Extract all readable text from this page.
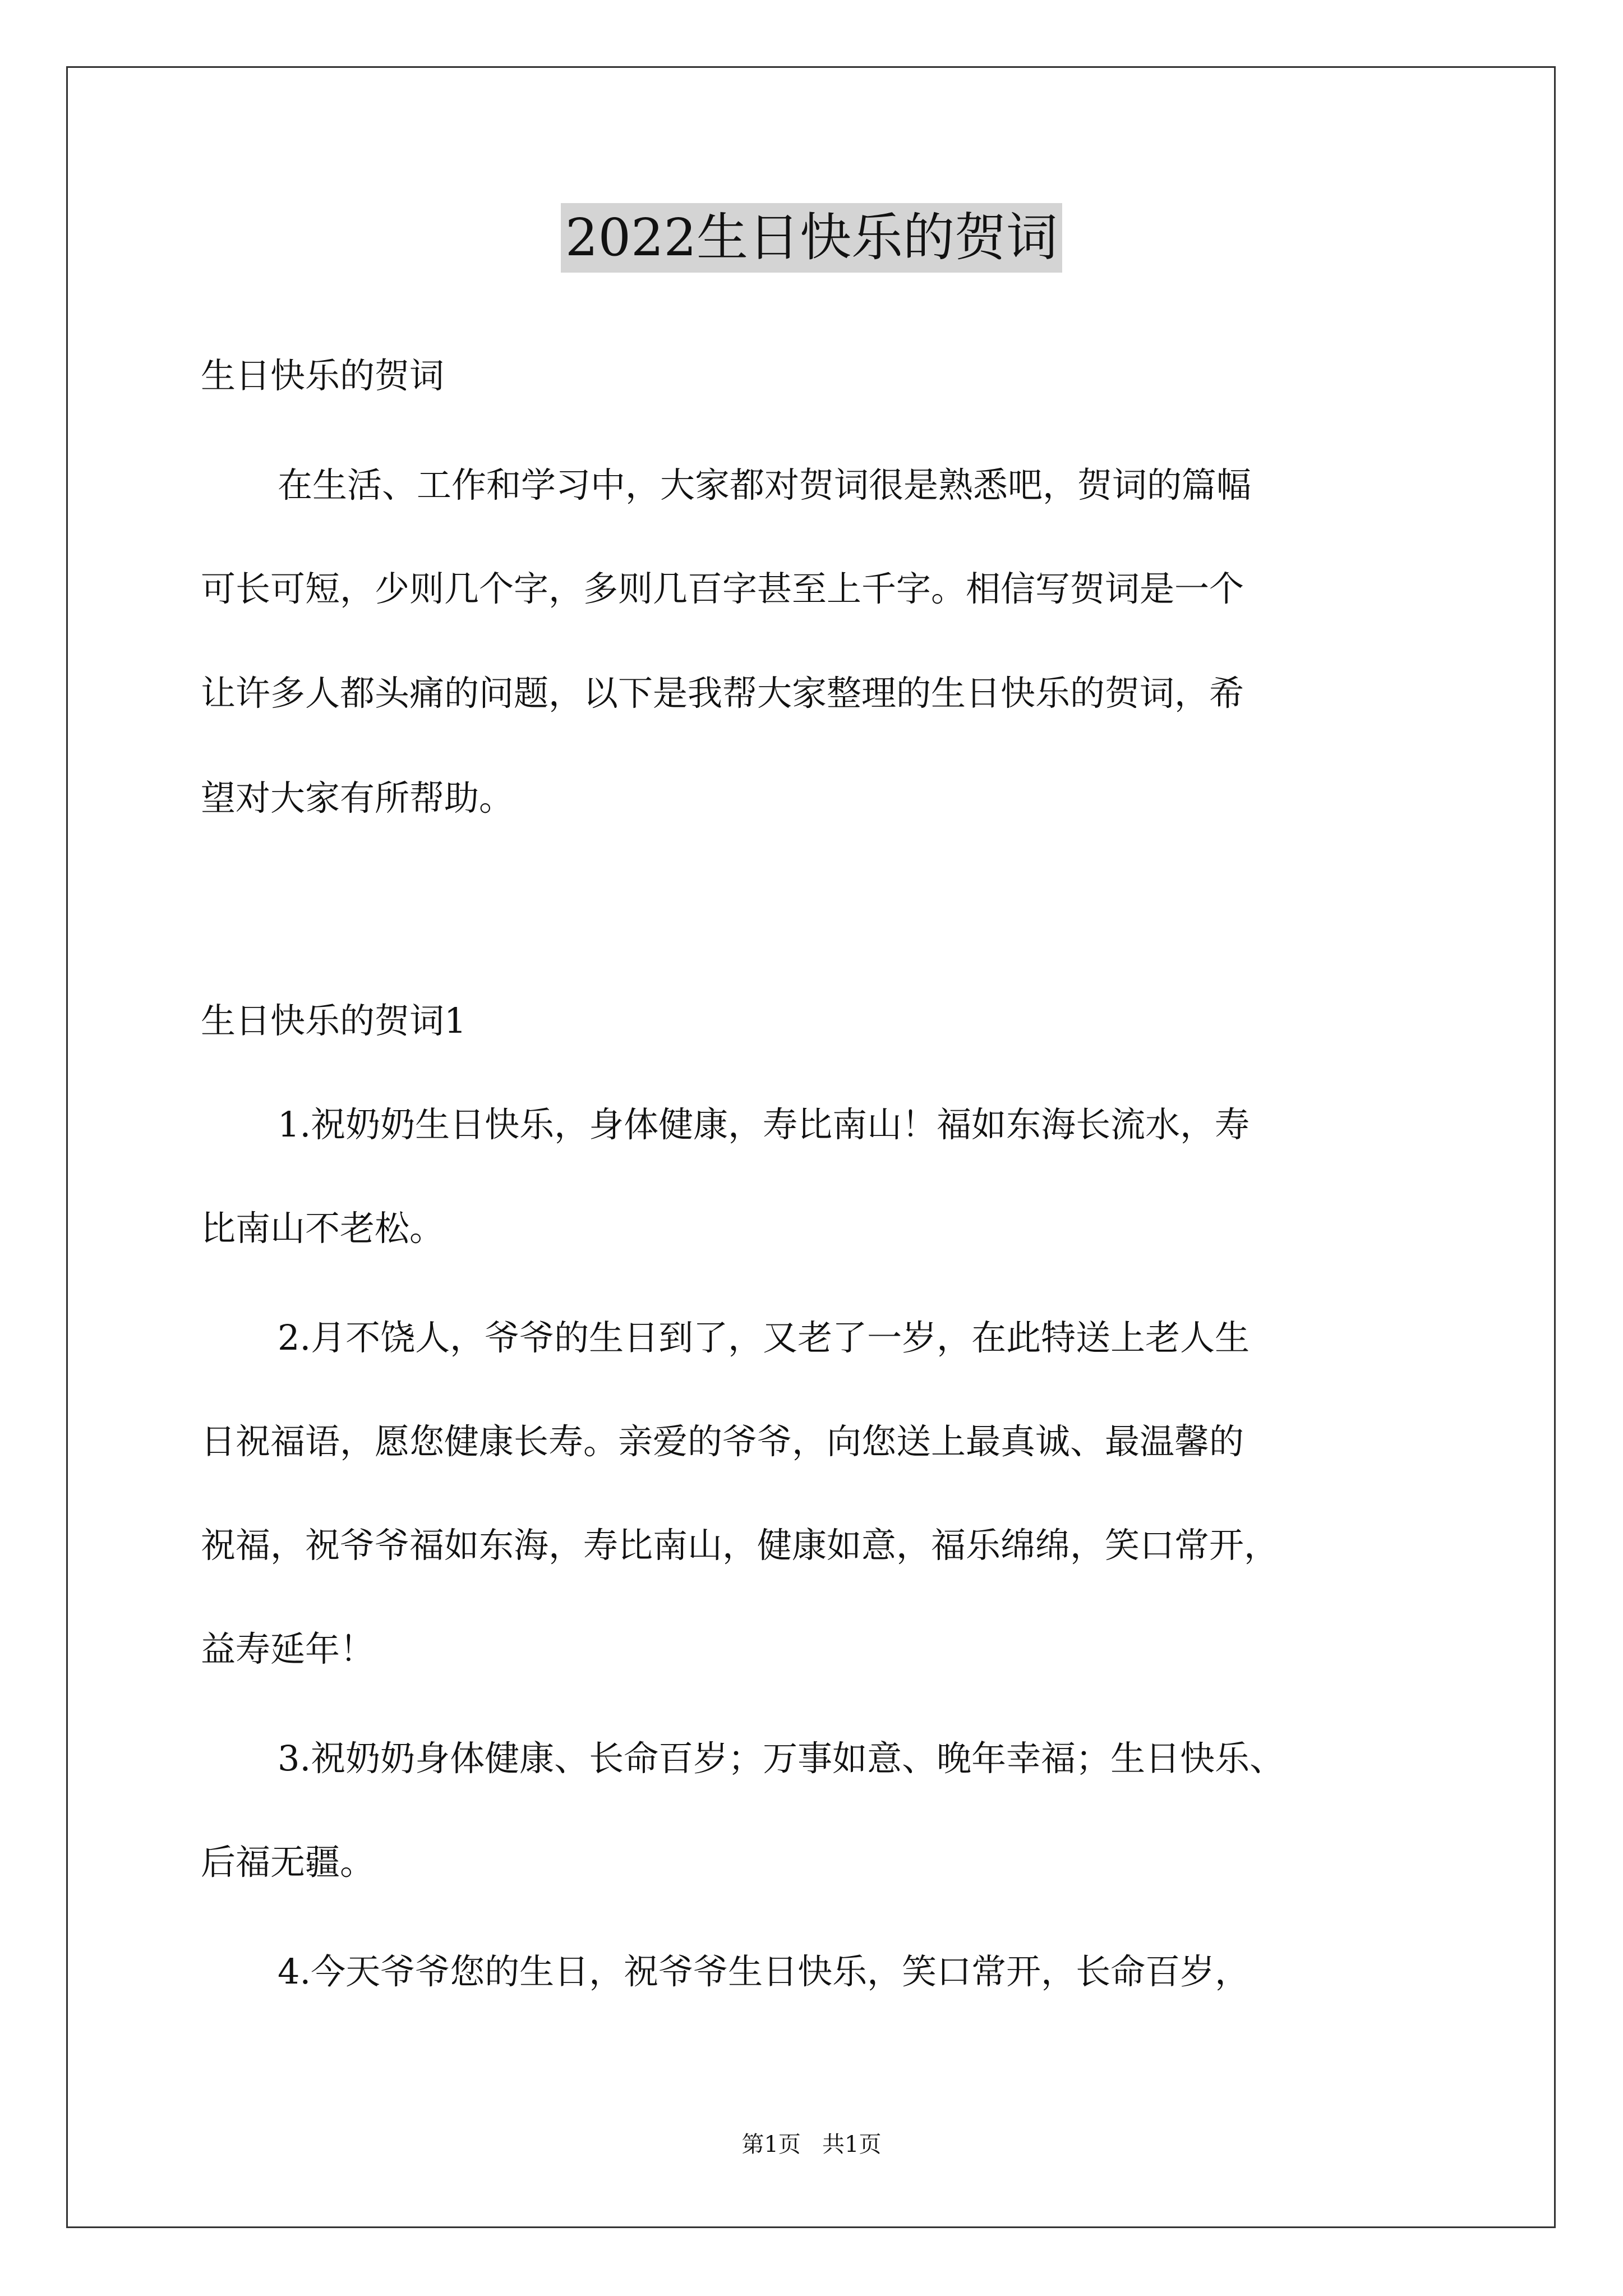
2022生日快乐的贺词
生日快乐的贺词
在生活、工作和学习中，大家都对贺词很是熟悉吧，贺词的篇幅
可长可短，少则几个字，多则几百字甚至上千字。相信写贺词是一个
让许多人都头痛的问题，以下是我帮大家整理的生日快乐的贺词，希
望对大家有所帮助。
生日快乐的贺词1
1.祝奶奶生日快乐，身体健康，寿比南山！福如东海长流水，寿
比南山不老松。
2.月不饶人，爷爷的生日到了，又老了一岁，在此特送上老人生
日祝福语，愿您健康长寿。亲爱的爷爷，向您送上最真诚、最温馨的
祝福，祝爷爷福如东海，寿比南山，健康如意，福乐绵绵，笑口常开，
益寿延年！
3.祝奶奶身体健康、长命百岁；万事如意、晚年幸福；生日快乐、
后福无疆。
4.今天爷爷您的生日，祝爷爷生日快乐，笑口常开，长命百岁，
第1页   共1页
